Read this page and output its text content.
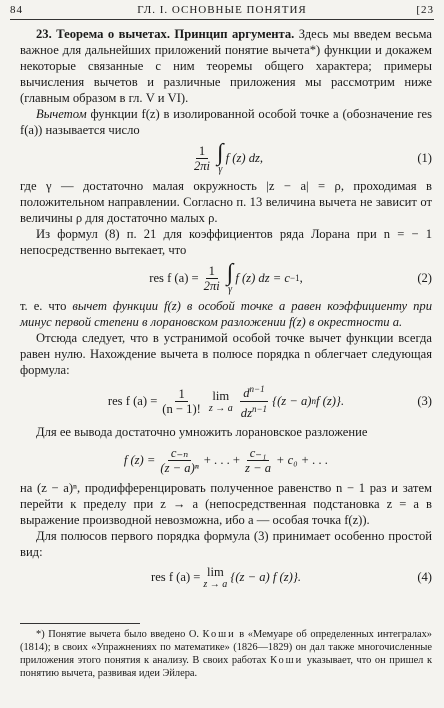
84	ГЛ. I. ОСНОВНЫЕ ПОНЯТИЯ	[23

23. Теорема о вычетах. Принцип аргумента. Здесь мы введем весьма важное для дальнейших приложений понятие вычета*) функции и докажем некоторые связанные с ним теоремы общего характера; примеры вычисления вычетов и различные приложения мы рассмотрим ниже (главным образом в гл. V и VI).

Вычетом функции f(z) в изолированной особой точке a (обозначение res f(a)) называется число

$\frac{1}{2\pi i}$ ∫
γ
f (z) dz,	(1)

где γ — достаточно малая окружность |z − a| = ρ, проходимая в положительном направлении. Согласно п. 13 величина вычета не зависит от величины ρ для достаточно малых ρ.

Из формул (8) п. 21 для коэффициентов ряда Лорана при n = − 1 непосредственно вытекает, что

res f $(a) = \frac{1}{2\pi i}$ ∫
γ
f (z) dz = c −1 ,	(2)

т. е. что вычет функции f(z) в особой точке a равен коэффициенту при минус первой степени в лорановском разложении f(z) в окрестности a.

Отсюда следует, что в устранимой особой точке вычет функции всегда равен нулю. Нахождение вычета в полюсе порядка n облегчает следующая формула:

res f $(a) = \frac{1}{(n - 1)!}$ lim
z → a $\frac{d^{n-1}}{dz^{n-1}} \{(z - a)$ n f (z)}.	(3)

Для ее вывода достаточно умножить лорановское разложение

f $(z) = \frac{\text{c₋ₙ}}{\text{(z − a)ⁿ}}$ + . . . + $\frac{\text{c₋₁}}{z - a} + c_0$ + . . .

на (z − a)ⁿ, продифференцировать полученное равенство n − 1 раз и затем перейти к пределу при z → a (непосредственная подстановка z = a в выражение производной невозможна, ибо a — особая точка f(z)).

Для полюсов первого порядка формула (3) принимает особенно простой вид:

res f (a) = lim
z → a
{(z − a) f (z)}.	(4)

*) Понятие вычета было введено О. Коши в «Мемуаре об определенных интегралах» (1814); в своих «Упражнениях по математике» (1826—1829) он дал также многочисленные приложения этого понятия к анализу. В своих работах Коши указывает, что он пришел к понятию вычета, развивая идеи Эйлера.
